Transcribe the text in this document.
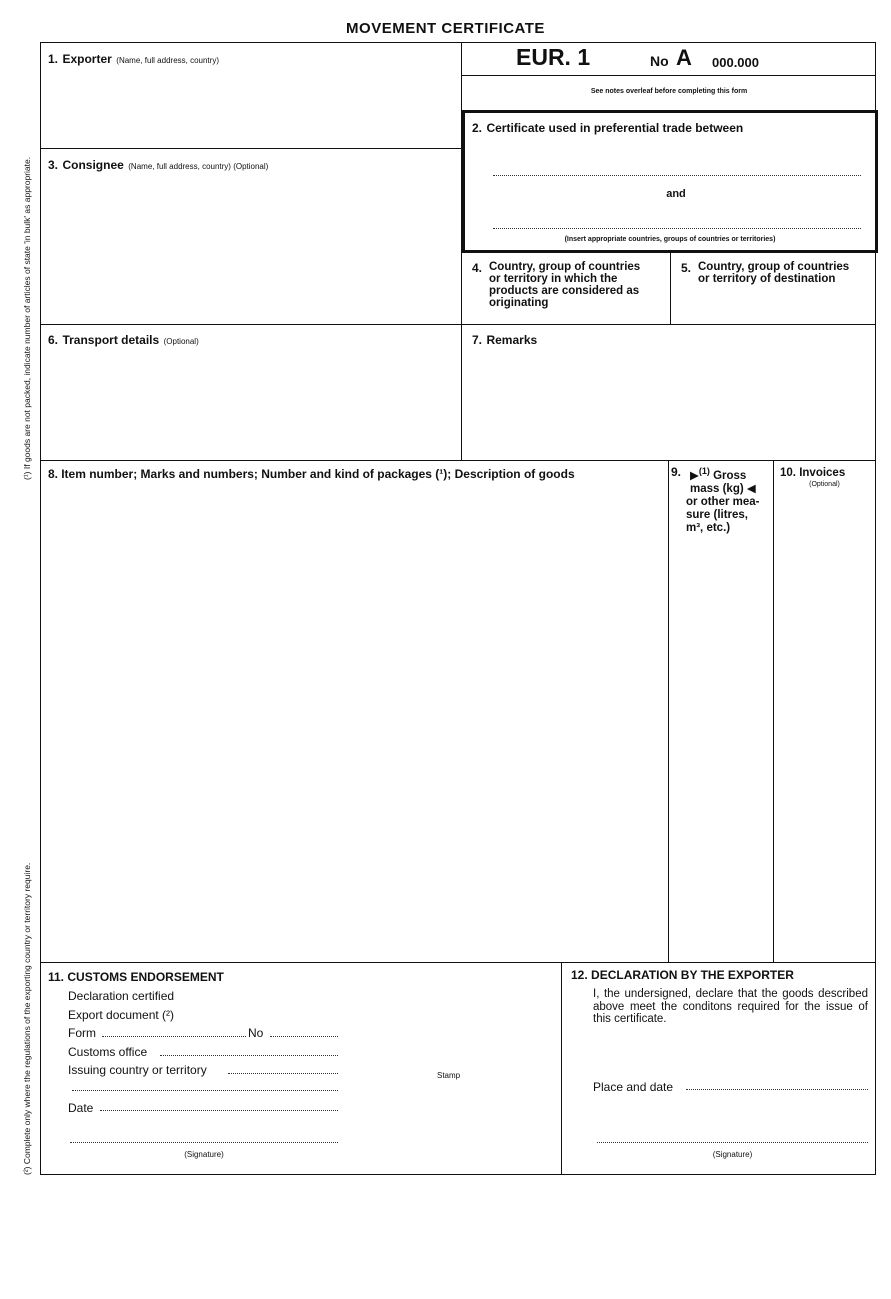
MOVEMENT CERTIFICATE
(¹) If goods are not packed, indicate number of articles of state 'in bulk' as appropriate.
(²) Complete only where the regulations of the exporting country or territory require.
EUR. 1	No A 000.000
See notes overleaf before completing this form
1. Exporter (Name, full address, country)
2. Certificate used in preferential trade between
and
(Insert appropriate countries, groups of countries or territories)
3. Consignee (Name, full address, country) (Optional)
4. Country, group of countries
or territory in which the
products are considered as
originating
5. Country, group of countries
or territory of destination
6. Transport details (Optional)	7. Remarks
8. Item number; Marks and numbers; Number and kind of packages (¹); Description of goods	9. ▶$^{(1)}$ Gross
mass (kg) ◀
or other mea-
sure (litres,
m³, etc.)
10. Invoices
(Optional)
11. CUSTOMS ENDORSEMENT
Declaration certified
Export document (²)
Form	No
Customs office
Issuing country or territory
Date
Stamp
(Signature)
12. DECLARATION BY THE EXPORTER
I, the undersigned, declare that the goods described above meet the conditons required for the issue of this certificate.
Place and date
(Signature)
